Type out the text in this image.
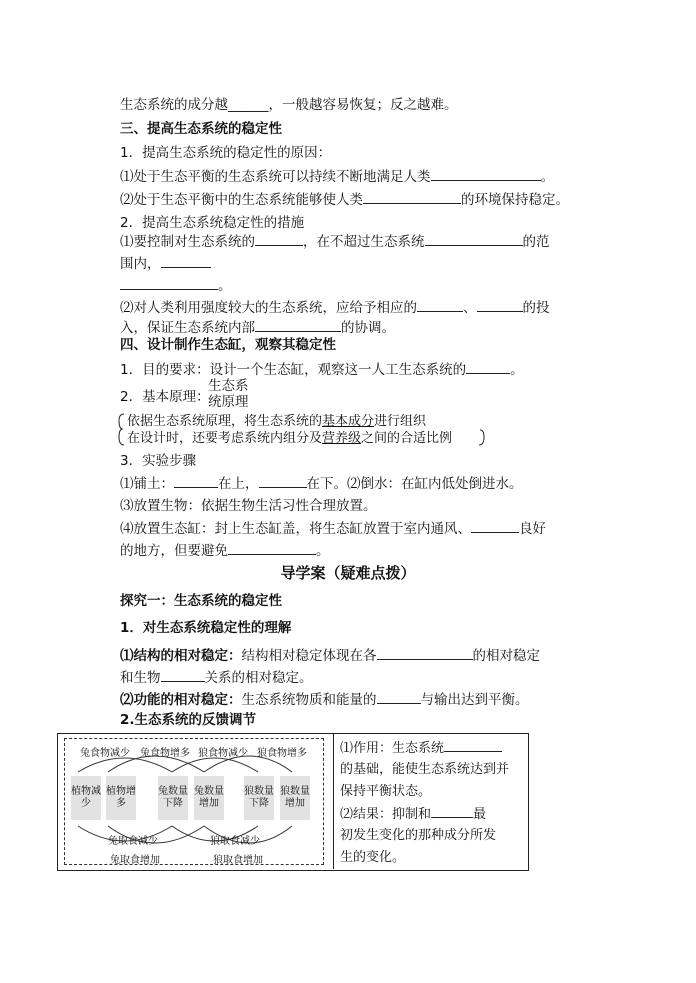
生态系统的成分越______，一般越容易恢复；反之越难。
三、提高生态系统的稳定性
1．提高生态系统的稳定性的原因：
⑴处于生态平衡的生态系统可以持续不断地满足人类	。
⑵处于生态平衡中的生态系统能够使人类	的环境保持稳定。
2．提高生态系统稳定性的措施
⑴要控制对生态系统的	，在不超过生态系统	的范
围内，
。
⑵对人类利用强度较大的生态系统，应给予相应的	、	的投
入，保证生态系统内部	的协调。
四、设计制作生态缸，观察其稳定性
1．目的要求：设计一个生态缸，观察这一人工生态系统的	。
2．基本原理：
生态系
统原理
依据生态系统原理，将生态系统的基本成分进行组织
在设计时，还要考虑系统内组分及营养级之间的合适比例
3．实验步骤
⑴铺土：	在上，	在下。⑵倒水：在缸内低处倒进水。
⑶放置生物：依据生物生活习性合理放置。
⑷放置生态缸：封上生态缸盖，将生态缸放置于室内通风、	良好
的地方，但要避免	。
导学案（疑难点拨）
探究一：生态系统的稳定性
1．对生态系统稳定性的理解
⑴结构的相对稳定：结构相对稳定体现在各	的相对稳定
和生物	关系的相对稳定。
⑵功能的相对稳定：生态系统物质和能量的	与输出达到平衡。
2.生态系统的反馈调节
兔食物减少 兔食物增多 狼食物减少 狼食物增多
植物减少
植物增多
兔数量下降
兔数量增加
狼数量下降
狼数量增加
兔取食减少	狼取食减少
兔取食增加	狼取食增加
⑴作用：生态系统
的基础，能使生态系统达到并
保持平衡状态。
⑵结果：抑制和	最
初发生变化的那种成分所发
生的变化。
